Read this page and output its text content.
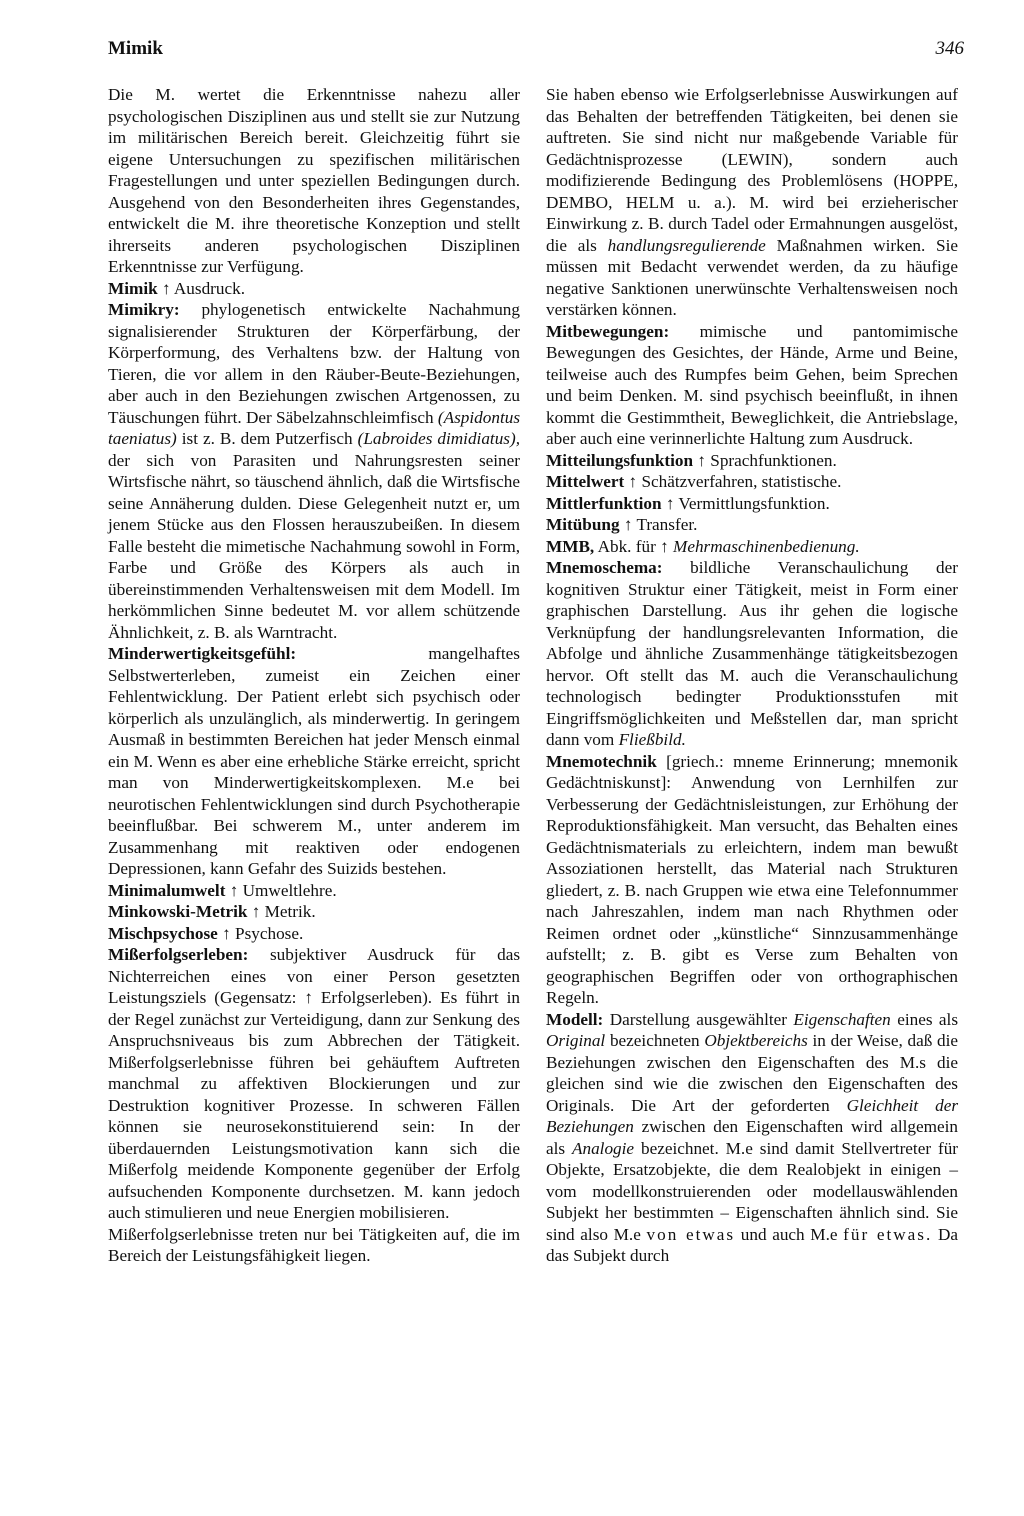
Mimik	346

Die M. wertet die Erkenntnisse nahezu aller psychologischen Disziplinen aus und stellt sie zur Nutzung im militärischen Bereich bereit. Gleichzeitig führt sie eigene Untersuchungen zu spezifischen militärischen Fragestellungen und unter speziellen Bedingungen durch. Ausgehend von den Besonderheiten ihres Gegenstandes, entwickelt die M. ihre theoretische Konzeption und stellt ihrerseits anderen psychologischen Disziplinen Erkenntnisse zur Verfügung.

Mimik ↑ Ausdruck.

Mimikry: phylogenetisch entwickelte Nachahmung signalisierender Strukturen der Körperfärbung, der Körperformung, des Verhaltens bzw. der Haltung von Tieren, die vor allem in den Räuber-Beute-Beziehungen, aber auch in den Beziehungen zwischen Artgenossen, zu Täuschungen führt. Der Säbelzahnschleimfisch (Aspidontus taeniatus) ist z. B. dem Putzerfisch (Labroides dimidiatus), der sich von Parasiten und Nahrungsresten seiner Wirtsfische nährt, so täuschend ähnlich, daß die Wirtsfische seine Annäherung dulden. Diese Gelegenheit nutzt er, um jenem Stücke aus den Flossen herauszubeißen. In diesem Falle besteht die mimetische Nachahmung sowohl in Form, Farbe und Größe des Körpers als auch in übereinstimmenden Verhaltensweisen mit dem Modell. Im herkömmlichen Sinne bedeutet M. vor allem schützende Ähnlichkeit, z. B. als Warntracht.

Minderwertigkeitsgefühl:	mangelhaftes Selbstwerterleben, zumeist ein Zeichen einer Fehlentwicklung. Der Patient erlebt sich psychisch oder körperlich als unzulänglich, als minderwertig. In geringem Ausmaß in bestimmten Bereichen hat jeder Mensch einmal ein M. Wenn es aber eine erhebliche Stärke erreicht, spricht man von Minderwertigkeitskomplexen. M.e bei neurotischen Fehlentwicklungen sind durch Psychotherapie beeinflußbar. Bei schwerem M., unter anderem im Zusammenhang mit reaktiven oder endogenen Depressionen, kann Gefahr des Suizids bestehen.

Minimalumwelt ↑ Umweltlehre.

Minkowski-Metrik ↑ Metrik.

Mischpsychose ↑ Psychose.

Mißerfolgserleben: subjektiver Ausdruck für das Nichterreichen eines von einer Person gesetzten Leistungsziels (Gegensatz: ↑ Erfolgserleben). Es führt in der Regel zunächst zur Verteidigung, dann zur Senkung des Anspruchsniveaus bis zum Abbrechen der Tätigkeit. Mißerfolgserlebnisse führen bei gehäuftem Auftreten manchmal zu affektiven Blockierungen und zur Destruktion kognitiver Prozesse. In schweren Fällen können sie neurosekonstituierend sein: In der überdauernden Leistungsmotivation kann sich die Mißerfolg meidende Komponente gegenüber der Erfolg aufsuchenden Komponente durchsetzen. M. kann jedoch auch stimulieren und neue Energien mobilisieren.

Mißerfolgserlebnisse treten nur bei Tätigkeiten auf, die im Bereich der Leistungsfähigkeit liegen.

Sie haben ebenso wie Erfolgserlebnisse Auswirkungen auf das Behalten der betreffenden Tätigkeiten, bei denen sie auftreten. Sie sind nicht nur maßgebende Variable für Gedächtnisprozesse (LEWIN), sondern auch modifizierende Bedingung des Problemlösens (HOPPE, DEMBO, HELM u. a.). M. wird bei erzieherischer Einwirkung z. B. durch Tadel oder Ermahnungen ausgelöst, die als handlungsregulierende Maßnahmen wirken. Sie müssen mit Bedacht verwendet werden, da zu häufige negative Sanktionen unerwünschte Verhaltensweisen noch verstärken können.

Mitbewegungen: mimische und pantomimische Bewegungen des Gesichtes, der Hände, Arme und Beine, teilweise auch des Rumpfes beim Gehen, beim Sprechen und beim Denken. M. sind psychisch beeinflußt, in ihnen kommt die Gestimmtheit, Beweglichkeit, die Antriebslage, aber auch eine verinnerlichte Haltung zum Ausdruck.

Mitteilungsfunktion ↑ Sprachfunktionen.

Mittelwert ↑ Schätzverfahren, statistische.

Mittlerfunktion ↑ Vermittlungsfunktion.

Mitübung ↑ Transfer.

MMB, Abk. für ↑ Mehrmaschinenbedienung.

Mnemoschema: bildliche Veranschaulichung der kognitiven Struktur einer Tätigkeit, meist in Form einer graphischen Darstellung. Aus ihr gehen die logische Verknüpfung der handlungsrelevanten Information, die Abfolge und ähnliche Zusammenhänge tätigkeitsbezogen hervor. Oft stellt das M. auch die Veranschaulichung technologisch bedingter Produktionsstufen mit Eingriffsmöglichkeiten und Meßstellen dar, man spricht dann vom Fließbild.

Mnemotechnik [griech.: mneme Erinnerung; mnemonik Gedächtniskunst]: Anwendung von Lernhilfen zur Verbesserung der Gedächtnisleistungen, zur Erhöhung der Reproduktionsfähigkeit. Man versucht, das Behalten eines Gedächtnismaterials zu erleichtern, indem man bewußt Assoziationen herstellt, das Material nach Strukturen gliedert, z. B. nach Gruppen wie etwa eine Telefonnummer nach Jahreszahlen, indem man nach Rhythmen oder Reimen ordnet oder „künstliche“ Sinnzusammenhänge aufstellt; z. B. gibt es Verse zum Behalten von geographischen Begriffen oder von orthographischen Regeln.

Modell: Darstellung ausgewählter Eigenschaften eines als Original bezeichneten Objektbereichs in der Weise, daß die Beziehungen zwischen den Eigenschaften des M.s die gleichen sind wie die zwischen den Eigenschaften des Originals. Die Art der geforderten Gleichheit der Beziehungen zwischen den Eigenschaften wird allgemein als Analogie bezeichnet. M.e sind damit Stellvertreter für Objekte, Ersatzobjekte, die dem Realobjekt in einigen – vom modellkonstruierenden oder modellauswählenden Subjekt her bestimmten – Eigenschaften ähnlich sind. Sie sind also M.e von etwas und auch M.e für etwas. Da das Subjekt durch
